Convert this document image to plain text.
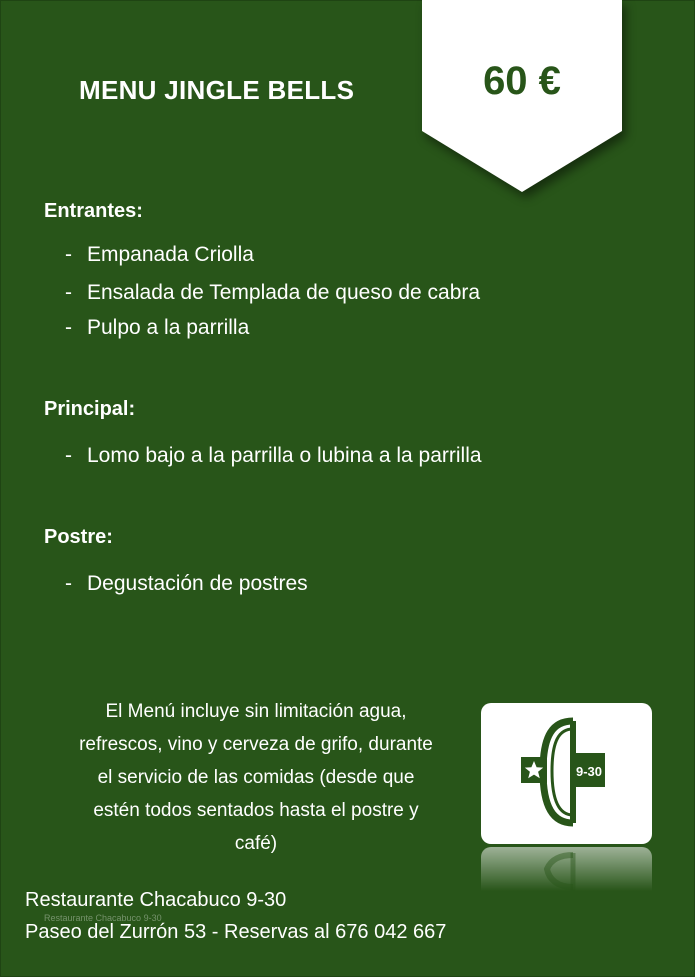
MENU JINGLE BELLS	60 €
Entrantes:
- Empanada Criolla
- Ensalada de Templada de queso de cabra
- Pulpo a la parrilla
Principal:
- Lomo bajo a la parrilla o lubina a la parrilla
Postre:
- Degustación de postres
El Menú incluye sin limitación agua,
refrescos, vino y cerveza de grifo, durante
el servicio de las comidas (desde que
estén todos sentados hasta el postre y
café)
9-30
Restaurante Chacabuco 9-30
Restaurante Chacabuco 9-30
Paseo del Zurrón 53 - Reservas al 676 042 667
